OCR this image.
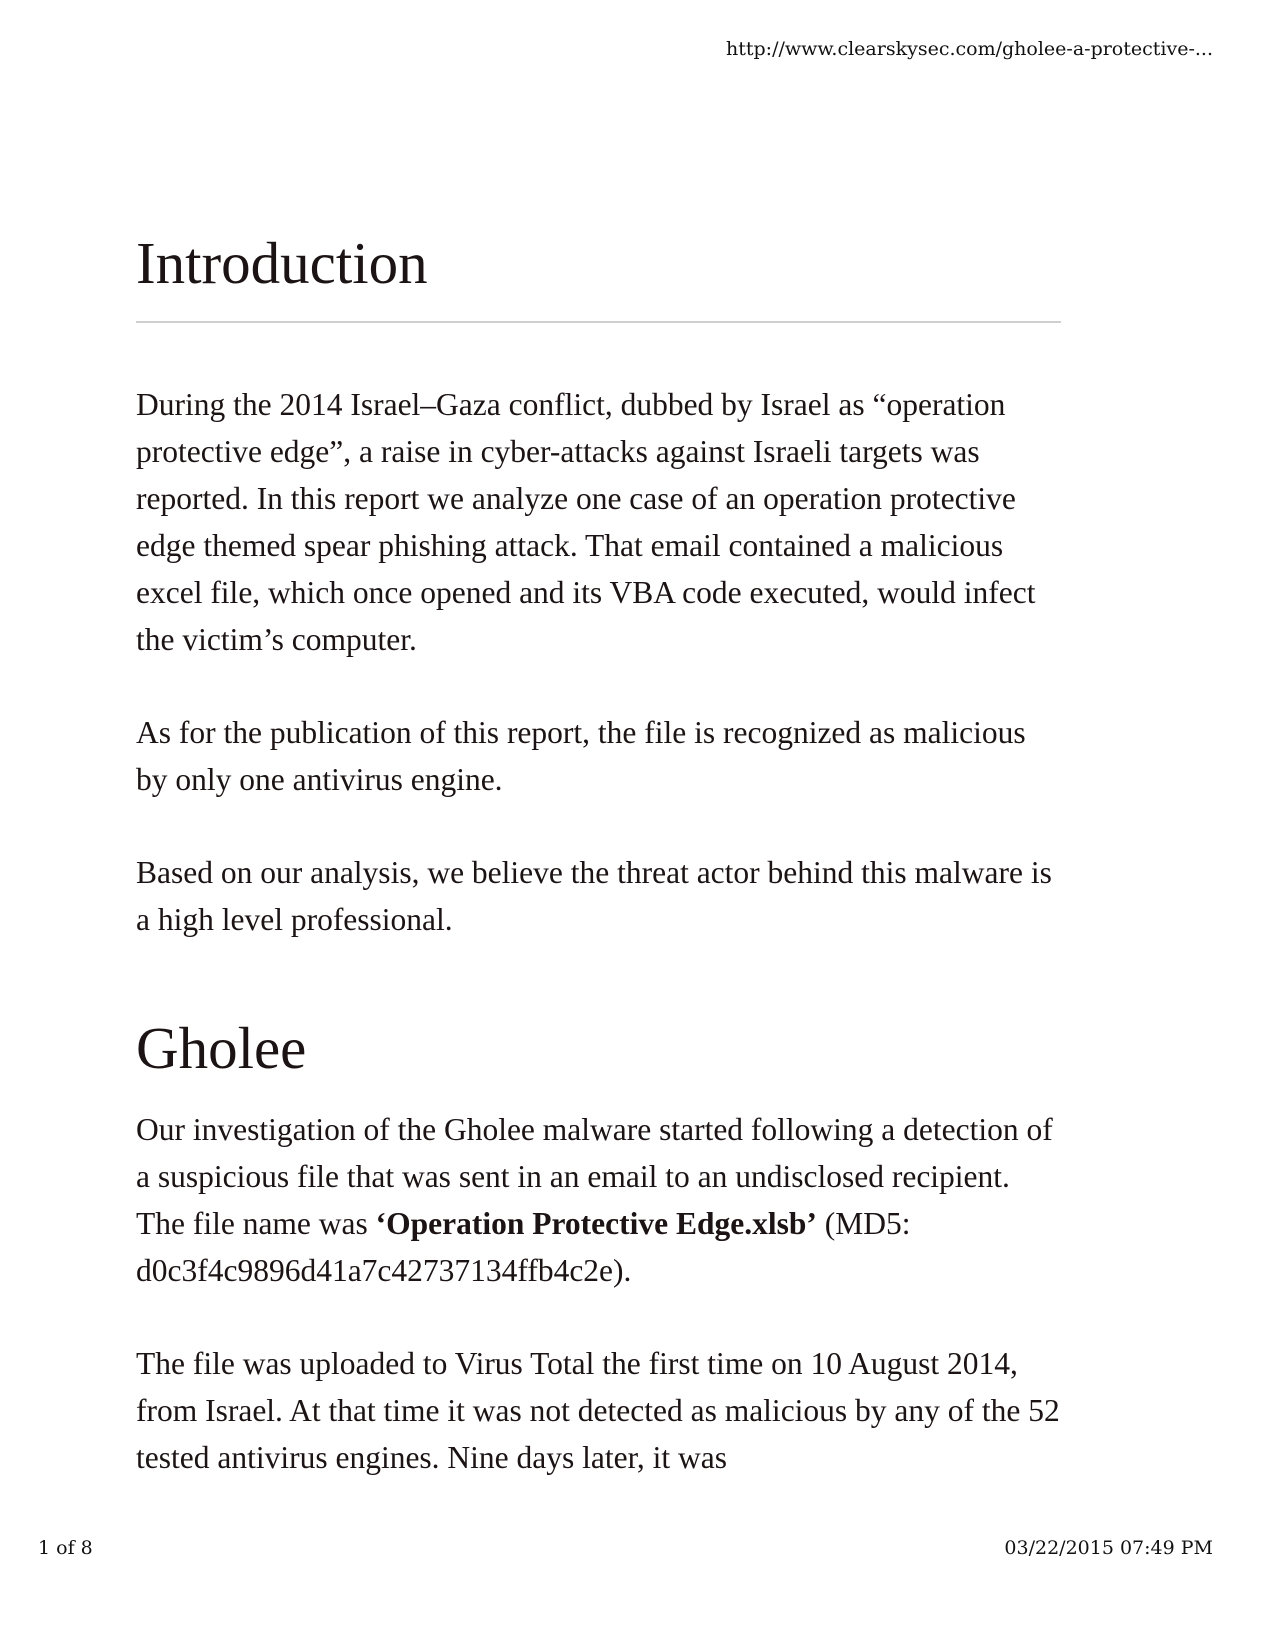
http://www.clearskysec.com/gholee-a-protective-...
Introduction

During the 2014 Israel–Gaza conflict, dubbed by Israel as “operation protective edge”, a raise in cyber-attacks against Israeli targets was reported. In this report we analyze one case of an operation protective edge themed spear phishing attack. That email contained a malicious excel file, which once opened and its VBA code executed, would infect the victim’s computer.

As for the publication of this report, the file is recognized as malicious by only one antivirus engine.

Based on our analysis, we believe the threat actor behind this malware is a high level professional.

Gholee

Our investigation of the Gholee malware started following a detection of a suspicious file that was sent in an email to an undisclosed recipient. The file name was ‘Operation Protective Edge.xlsb’ (MD5: d0c3f4c9896d41a7c42737134ffb4c2e).

The file was uploaded to Virus Total the first time on 10 August 2014, from Israel. At that time it was not detected as malicious by any of the 52 tested antivirus engines. Nine days later, it was

1 of 8	03/22/2015 07:49 PM
